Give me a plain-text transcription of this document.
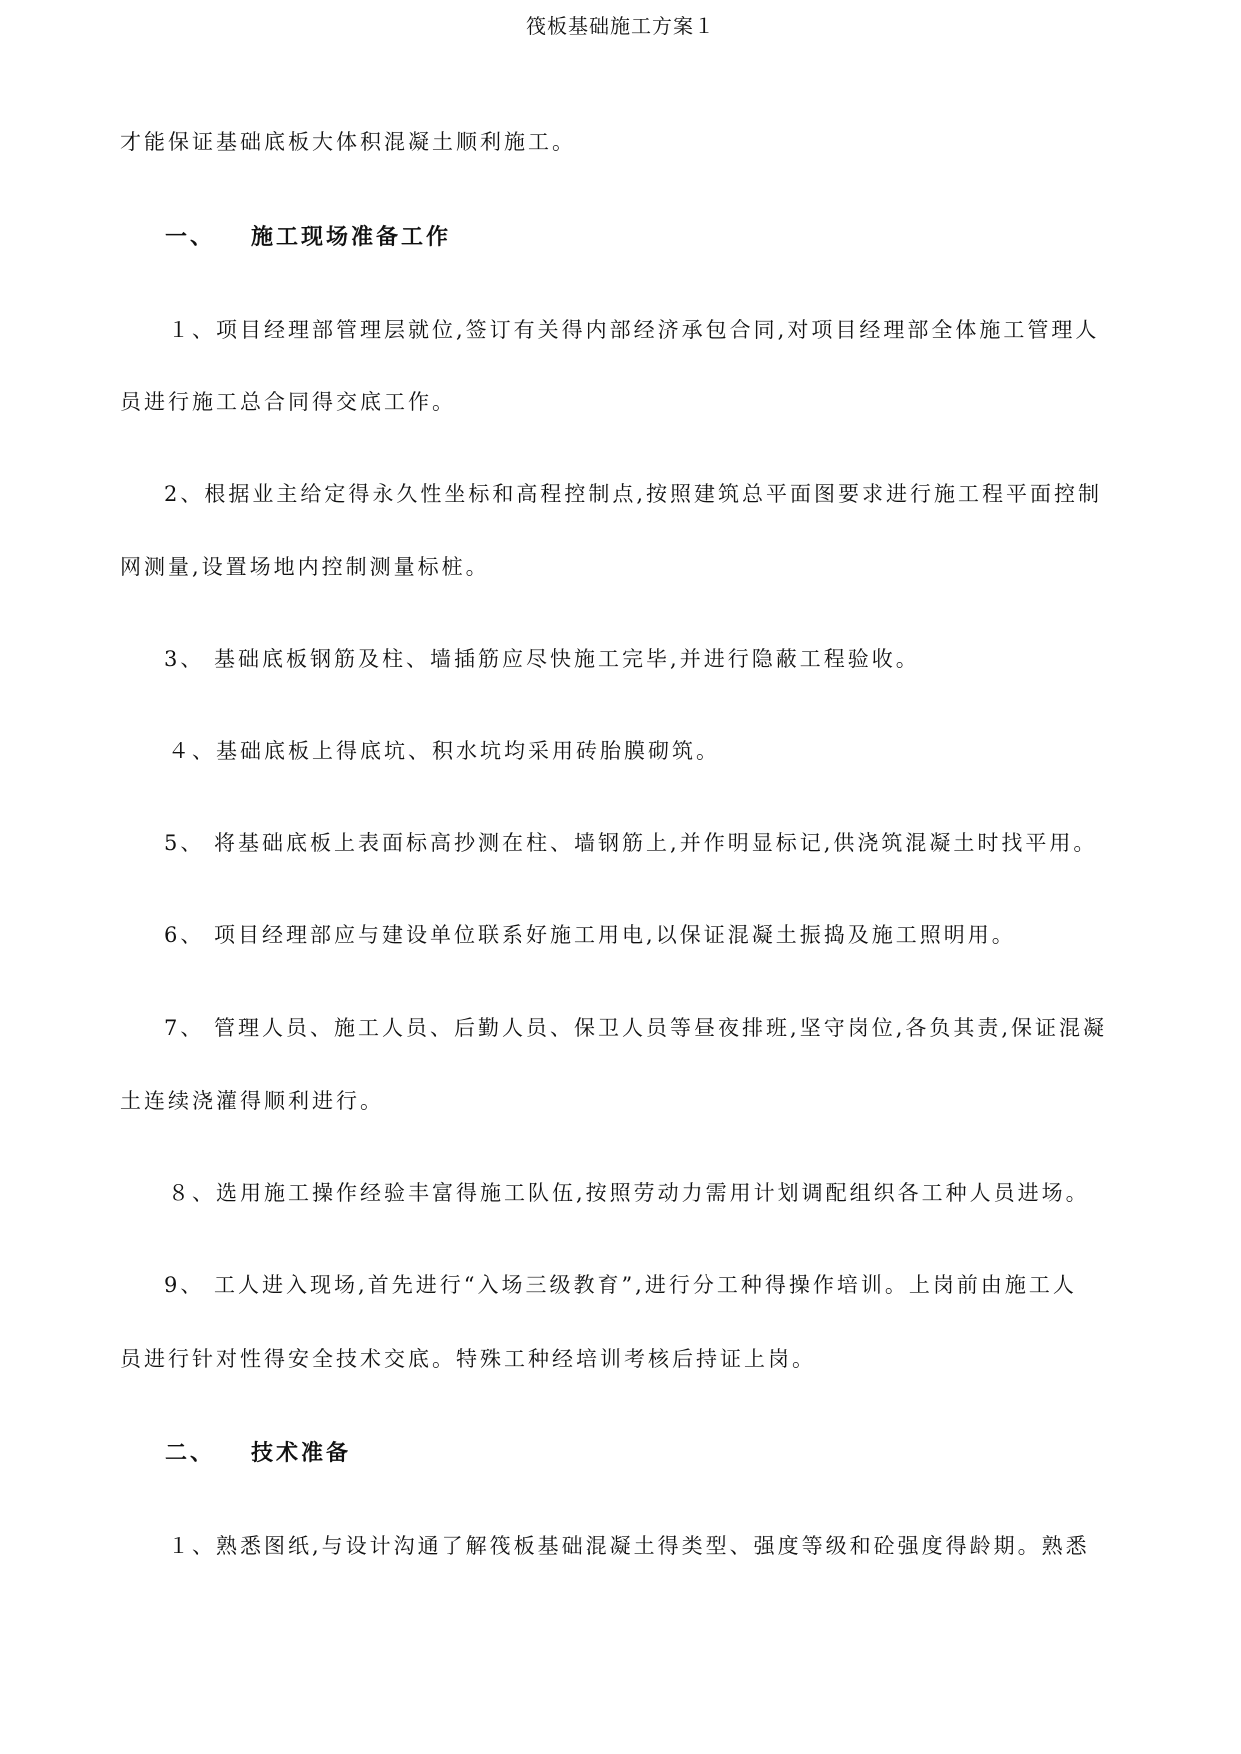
筏板基础施工方案１
才能保证基础底板大体积混凝土顺利施工。
一、 施工现场准备工作
１、项目经理部管理层就位,签订有关得内部经济承包合同,对项目经理部全体施工管理人
员进行施工总合同得交底工作。
2、根据业主给定得永久性坐标和高程控制点,按照建筑总平面图要求进行施工程平面控制
网测量,设置场地内控制测量标桩。
3、 基础底板钢筋及柱、墙插筋应尽快施工完毕,并进行隐蔽工程验收。
４、基础底板上得底坑、积水坑均采用砖胎膜砌筑。
5、 将基础底板上表面标高抄测在柱、墙钢筋上,并作明显标记,供浇筑混凝土时找平用。
6、 项目经理部应与建设单位联系好施工用电,以保证混凝土振捣及施工照明用。
7、 管理人员、施工人员、后勤人员、保卫人员等昼夜排班,坚守岗位,各负其责,保证混凝
土连续浇灌得顺利进行。
８、选用施工操作经验丰富得施工队伍,按照劳动力需用计划调配组织各工种人员进场。
9、 工人进入现场,首先进行“入场三级教育”,进行分工种得操作培训。上岗前由施工人
员进行针对性得安全技术交底。特殊工种经培训考核后持证上岗。
二、 技术准备
１、熟悉图纸,与设计沟通了解筏板基础混凝土得类型、强度等级和砼强度得龄期。熟悉
